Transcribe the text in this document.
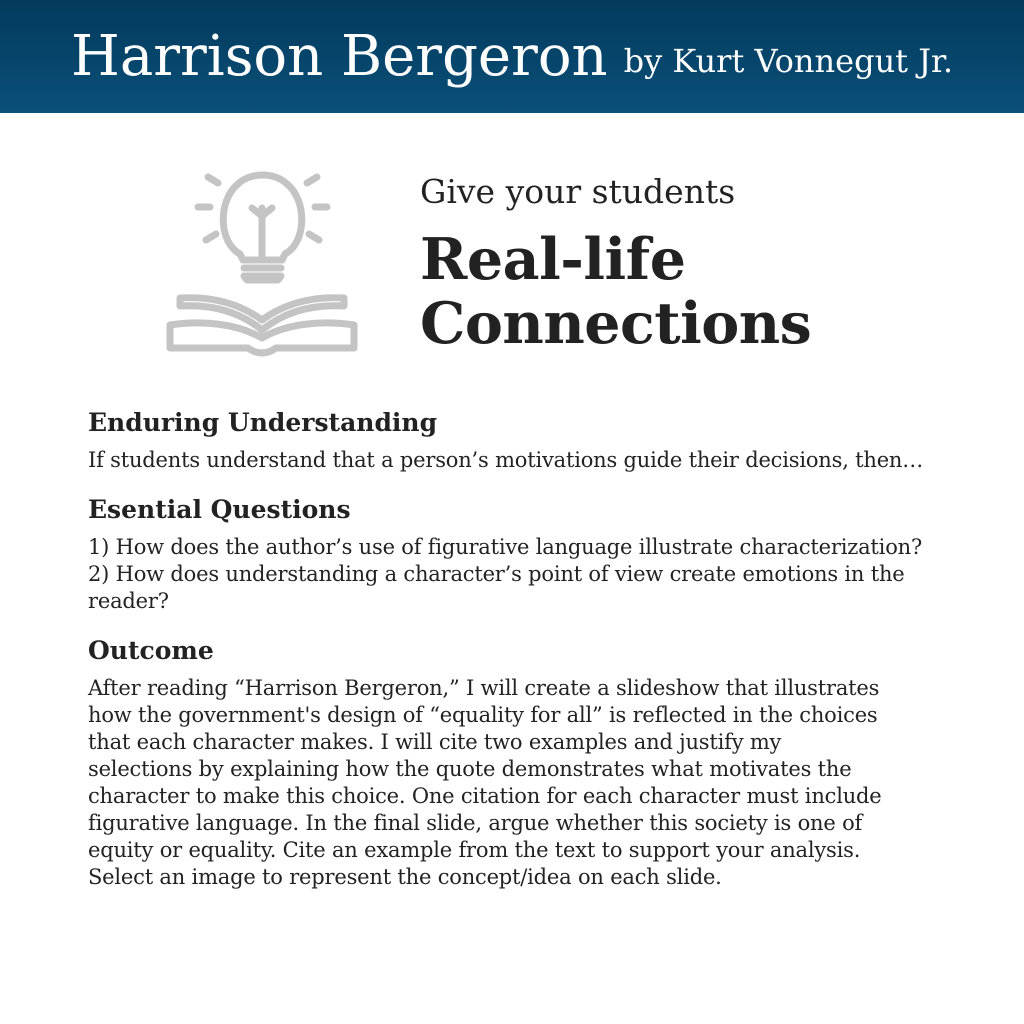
Harrison Bergeron by Kurt Vonnegut Jr.
Give your students
Real-life Connections
Enduring Understanding

If students understand that a person’s motivations guide their decisions, then…

Esential Questions

1) How does the author’s use of figurative language illustrate characterization?

2) How does understanding a character’s point of view create emotions in the reader?

Outcome

After reading “Harrison Bergeron,” I will create a slideshow that illustrates how the government's design of “equality for all” is reflected in the choices that each character makes. I will cite two examples and justify my selections by explaining how the quote demonstrates what motivates the character to make this choice. One citation for each character must include figurative language. In the final slide, argue whether this society is one of equity or equality. Cite an example from the text to support your analysis. Select an image to represent the concept/idea on each slide.
